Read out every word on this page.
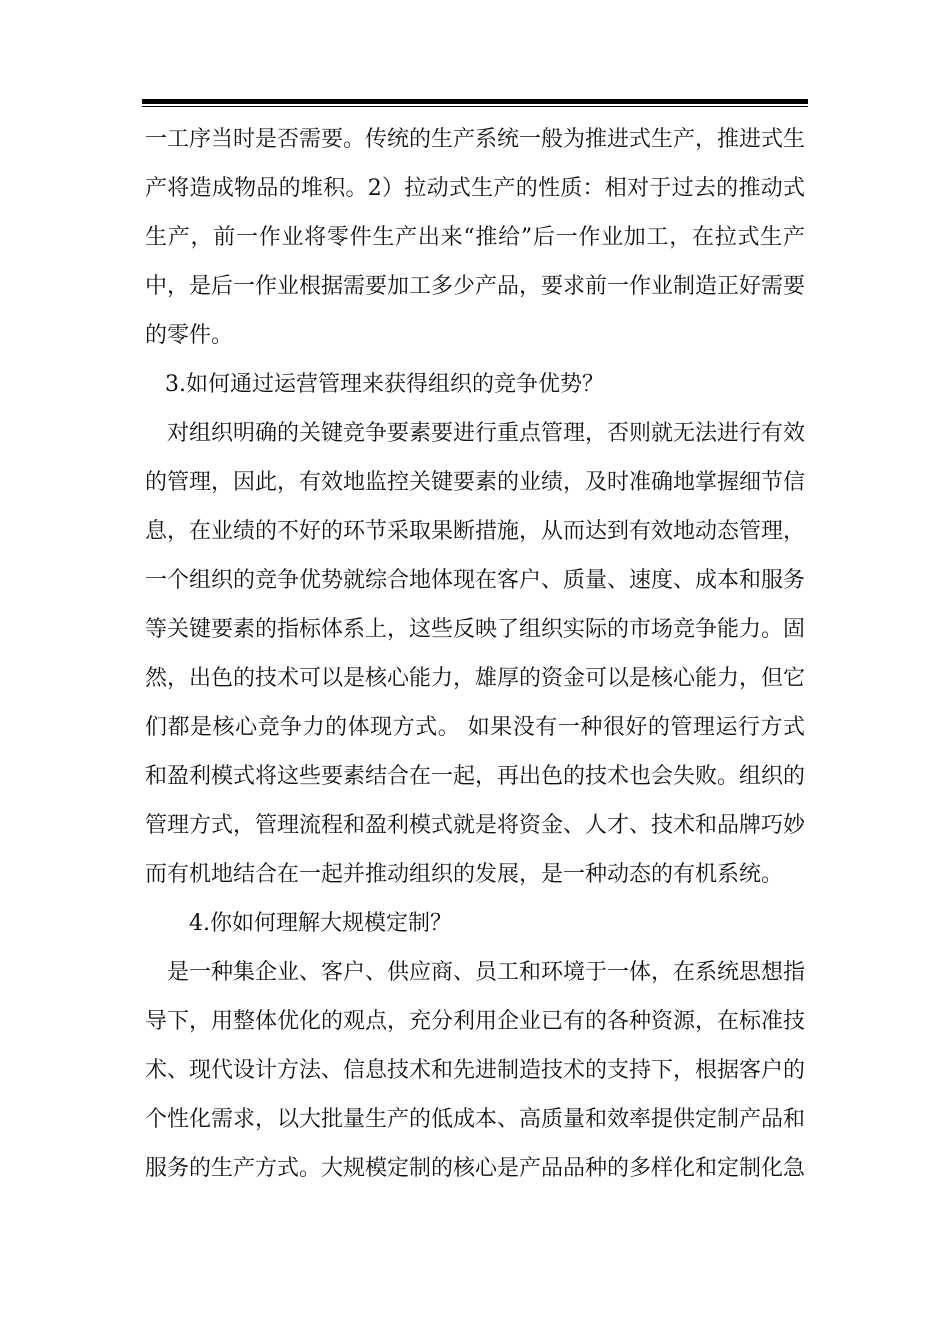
一工序当时是否需要。传统的生产系统一般为推进式生产，推进式生产将造成物品的堆积。2）拉动式生产的性质：相对于过去的推动式生产，前一作业将零件生产出来“推给”后一作业加工，在拉式生产中，是后一作业根据需要加工多少产品，要求前一作业制造正好需要的零件。

3.如何通过运营管理来获得组织的竞争优势？

对组织明确的关键竞争要素要进行重点管理，否则就无法进行有效的管理，因此，有效地监控关键要素的业绩，及时准确地掌握细节信息，在业绩的不好的环节采取果断措施，从而达到有效地动态管理，一个组织的竞争优势就综合地体现在客户、质量、速度、成本和服务等关键要素的指标体系上，这些反映了组织实际的市场竞争能力。固然，出色的技术可以是核心能力，雄厚的资金可以是核心能力，但它们都是核心竞争力的体现方式。 如果没有一种很好的管理运行方式和盈利模式将这些要素结合在一起，再出色的技术也会失败。组织的管理方式，管理流程和盈利模式就是将资金、人才、技术和品牌巧妙而有机地结合在一起并推动组织的发展，是一种动态的有机系统。

4.你如何理解大规模定制？

是一种集企业、客户、供应商、员工和环境于一体，在系统思想指导下，用整体优化的观点，充分利用企业已有的各种资源，在标准技术、现代设计方法、信息技术和先进制造技术的支持下，根据客户的个性化需求，以大批量生产的低成本、高质量和效率提供定制产品和服务的生产方式。大规模定制的核心是产品品种的多样化和定制化急
